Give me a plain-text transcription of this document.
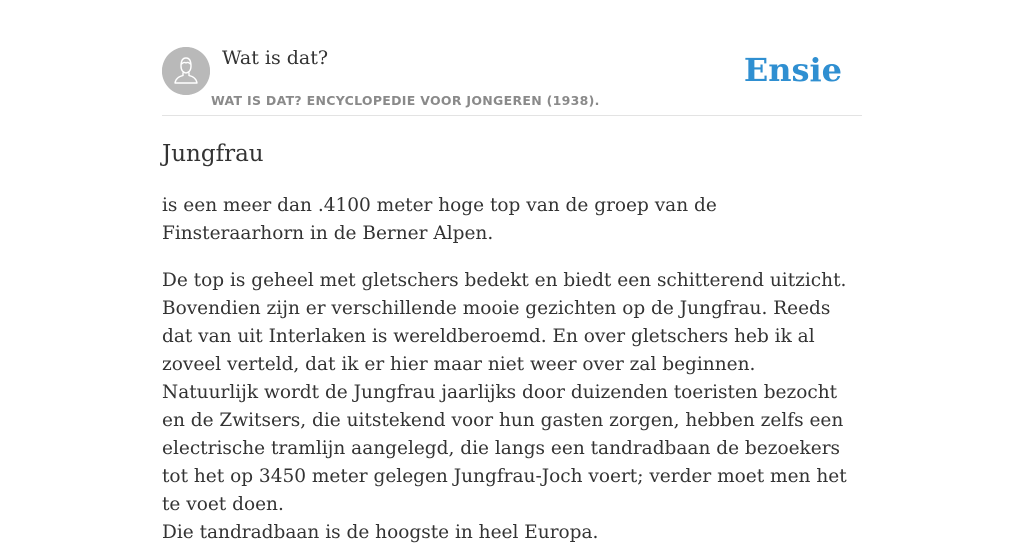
Wat is dat?
WAT IS DAT? ENCYCLOPEDIE VOOR JONGEREN (1938).
Ensie
Jungfrau

is een meer dan .4100 meter hoge top van de groep van de Finsteraarhorn in de Berner Alpen.

De top is geheel met gletschers bedekt en biedt een schitterend uitzicht. Bovendien zijn er verschillende mooie gezichten op de Jungfrau. Reeds dat van uit Interlaken is wereldberoemd. En over gletschers heb ik al zoveel verteld, dat ik er hier maar niet weer over zal beginnen.

Natuurlijk wordt de Jungfrau jaarlijks door duizenden toeristen bezocht en de Zwitsers, die uitstekend voor hun gasten zorgen, hebben zelfs een electrische tramlijn aangelegd, die langs een tandradbaan de bezoekers tot het op 3450 meter gelegen Jungfrau-Joch voert; verder moet men het te voet doen.

Die tandradbaan is de hoogste in heel Europa.
